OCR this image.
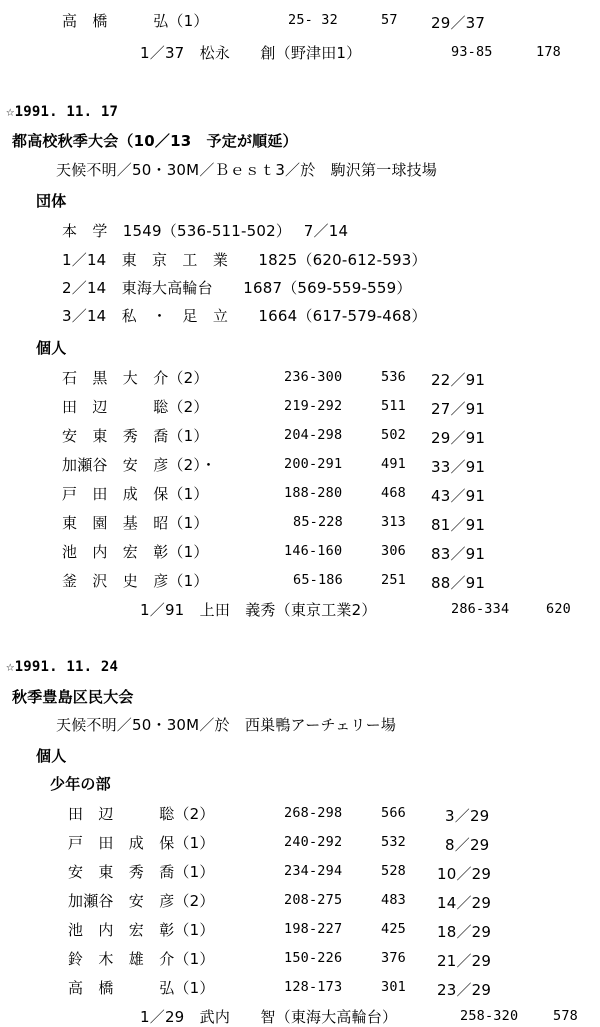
高　橋　　　弘（1）	25- 32	57 29／37
1／37　松永　　創（野津田1）	93-85	178
☆1991. 11. 17
都高校秋季大会（10／13　予定が順延）
天候不明／50・30M／Ｂｅｓｔ3／於　駒沢第一球技場
団体
本　学　1549（536-511-502）　 7／14
1／14　東　京　工　業　　1825（620-612-593）
2／14　東海大高輪台　　1687（569-559-559）
3／14　私　・　足　立　　1664（617-579-468）
個人
石　黒　大　介（2）	236-300	536 22／91
田　辺　　　聡（2）	219-292	511 27／91
安　東　秀　喬（1）	204-298	502 29／91
加瀬谷　安　彦（2）・	200-291	491 33／91
戸　田　成　保（1）	188-280	468 43／91
東　園　基　昭（1）	85-228	313 81／91
池　内　宏　彰（1）	146-160	306 83／91
釜　沢　史　彦（1）	65-186	251 88／91
1／91　上田　義秀（東京工業2）	286-334	620
☆1991. 11. 24
秋季豊島区民大会
天候不明／50・30M／於　西巣鴨アーチェリー場
個人
少年の部
田　辺　　　聡（2）	268-298	566	3／29
戸　田　成　保（1）	240-292	532	8／29
安　東　秀　喬（1）	234-294	528 10／29
加瀬谷　安　彦（2）	208-275	483 14／29
池　内　宏　彰（1）	198-227	425 18／29
鈴　木　雄　介（1）	150-226	376 21／29
高　橋　　　弘（1）	128-173	301 23／29
1／29　武内　　智（東海大高輪台）	258-320	578
